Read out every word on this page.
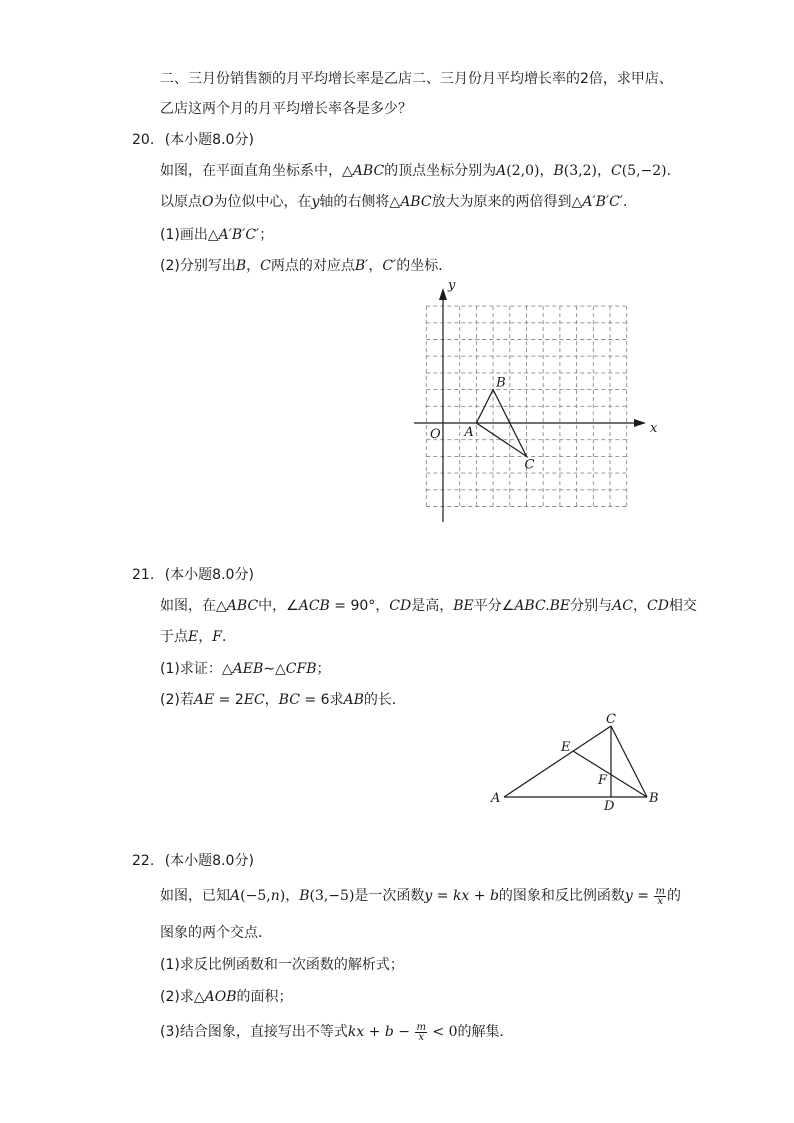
二、三月份销售额的月平均增长率是乙店二、三月份月平均增长率的2倍，求甲店、
乙店这两个月的月平均增长率各是多少？
20. (本小题8.0分)
如图，在平面直角坐标系中，△ABC的顶点坐标分别为A(2,0)，B(3,2)，C(5,−2).
以原点O为位似中心，在y轴的右侧将△ABC放大为原来的两倍得到△A′B′C′.
(1)画出△A′B′C′；
(2)分别写出B，C两点的对应点B′，C′的坐标．
x
y
O A
B
C
21. (本小题8.0分)
如图，在△ABC中，∠ACB = 90°，CD是高，BE平分∠ABC.BE分别与AC，CD相交
于点E，F．
(1)求证：△AEB∼△CFB；
(2)若AE = 2EC，BC = 6求AB的长．
A	B
C
D
E
F
22. (本小题8.0分)
如图，已知A(−5,n)，B(3,−5)是一次函数y = kx + b的图象和反比例函数$y = \frac{m}{x}$ 的
图象的两个交点．
(1)求反比例函数和一次函数的解析式；
(2)求△AOB的面积；
(3)结合图象，直接写出不等式kx + $b - \frac{m}{x} < 0$的解集．
